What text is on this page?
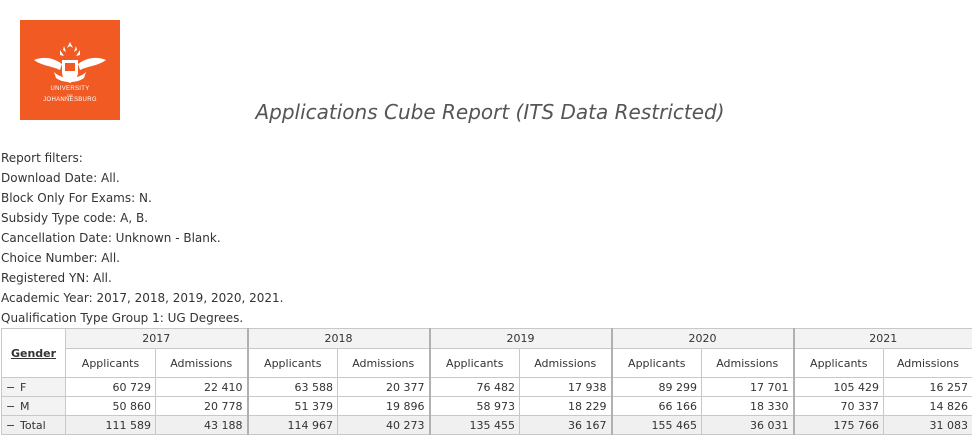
UNIVERSITY
OF
JOHANNESBURG	Applications Cube Report (ITS Data Restricted)
Report filters:
Download Date: All.
Block Only For Exams: N.
Subsidy Type code: A, B.
Cancellation Date: Unknown - Blank.
Choice Number: All.
Registered YN: All.
Academic Year: 2017, 2018, 2019, 2020, 2021.
Qualification Type Group 1: UG Degrees.
Gender	2017		2018		2019		2020		2021	
	Applicants	Admissions	Applicants	Admissions	Applicants	Admissions	Applicants	Admissions	Applicants	Admissions
− F	60 729	22 410	63 588	20 377	76 482	17 938	89 299	17 701	105 429	16 257
− M	50 860	20 778	51 379	19 896	58 973	18 229	66 166	18 330	70 337	14 826
− Total	111 589	43 188	114 967	40 273	135 455	36 167	155 465	36 031	175 766	31 083
